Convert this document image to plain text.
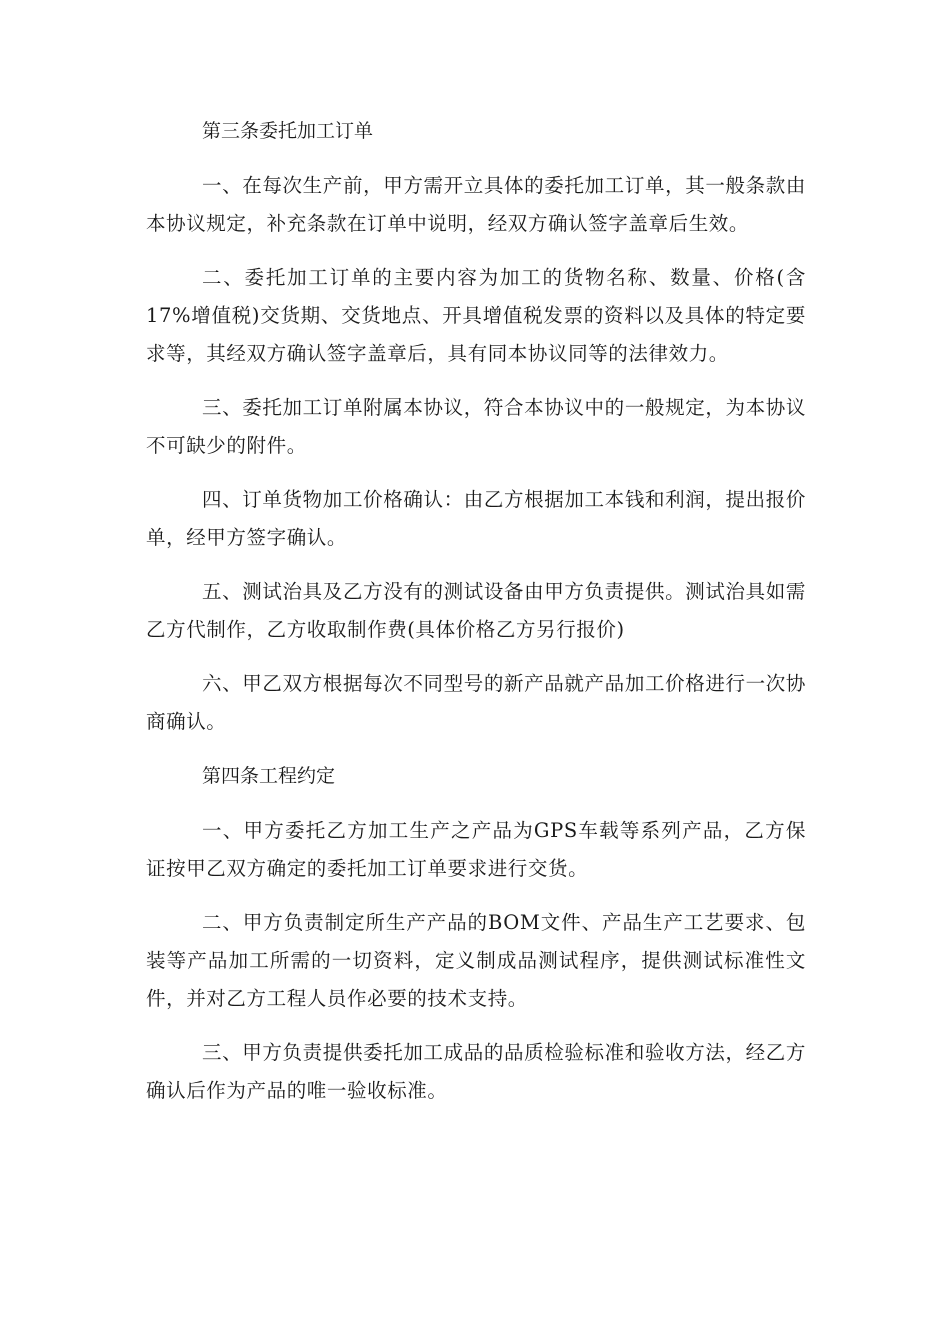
第三条委托加工订单

一、在每次生产前，甲方需开立具体的委托加工订单，其一般条款由本协议规定，补充条款在订单中说明，经双方确认签字盖章后生效。

二、委托加工订单的主要内容为加工的货物名称、数量、价格(含17%增值税)交货期、交货地点、开具增值税发票的资料以及具体的特定要求等，其经双方确认签字盖章后，具有同本协议同等的法律效力。

三、委托加工订单附属本协议，符合本协议中的一般规定，为本协议不可缺少的附件。

四、订单货物加工价格确认：由乙方根据加工本钱和利润，提出报价单，经甲方签字确认。

五、测试治具及乙方没有的测试设备由甲方负责提供。测试治具如需乙方代制作，乙方收取制作费(具体价格乙方另行报价)

六、甲乙双方根据每次不同型号的新产品就产品加工价格进行一次协商确认。

第四条工程约定

一、甲方委托乙方加工生产之产品为GPS车载等系列产品，乙方保证按甲乙双方确定的委托加工订单要求进行交货。

二、甲方负责制定所生产产品的BOM文件、产品生产工艺要求、包装等产品加工所需的一切资料，定义制成品测试程序，提供测试标准性文件，并对乙方工程人员作必要的技术支持。

三、甲方负责提供委托加工成品的品质检验标准和验收方法，经乙方确认后作为产品的唯一验收标准。
